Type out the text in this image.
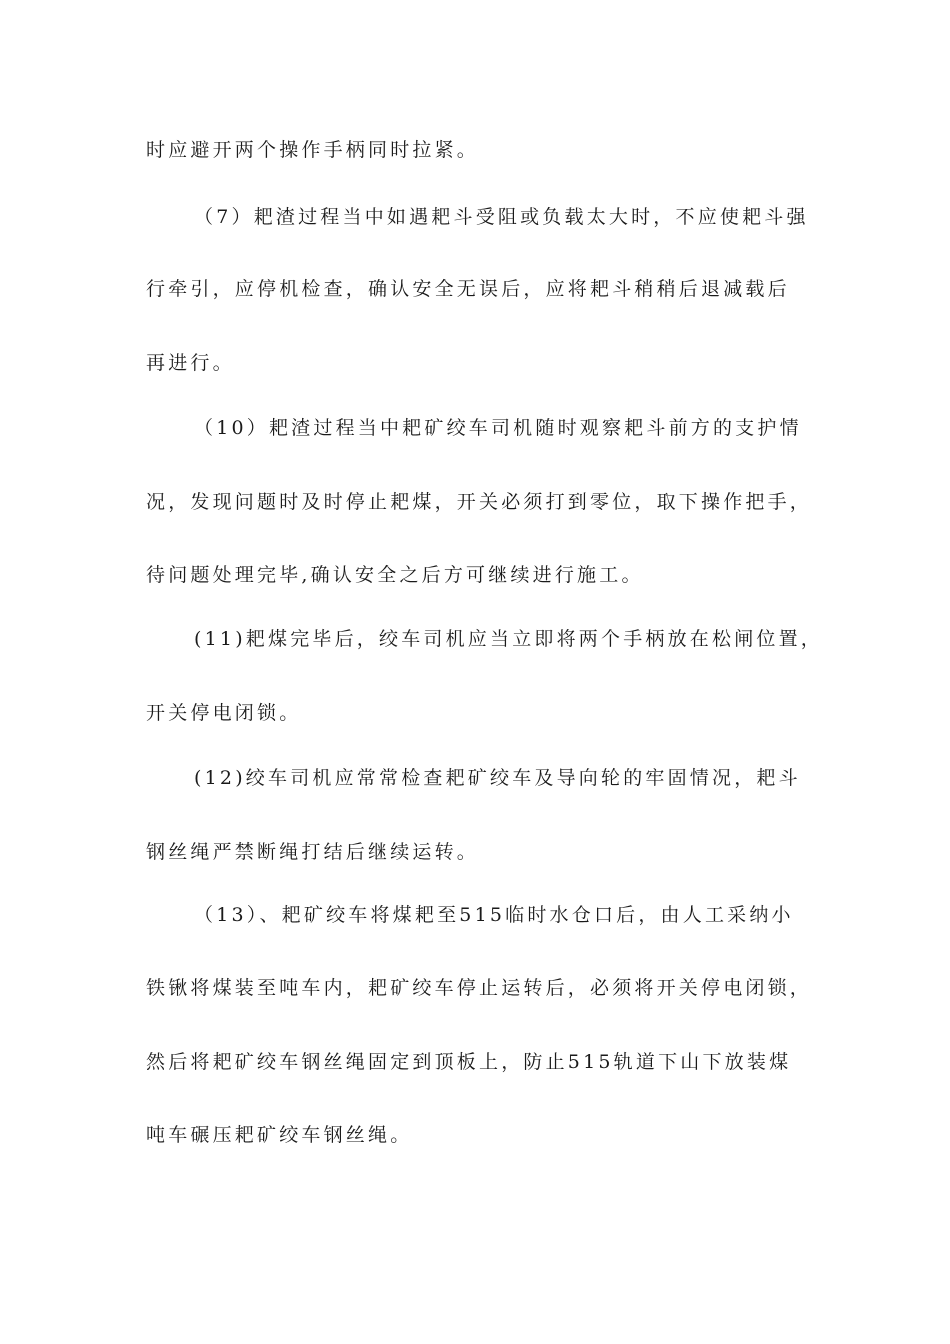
时应避开两个操作手柄同时拉紧。
（7）耙渣过程当中如遇耙斗受阻或负载太大时，不应使耙斗强
行牵引，应停机检查，确认安全无误后，应将耙斗稍稍后退减载后
再进行。
（10）耙渣过程当中耙矿绞车司机随时观察耙斗前方的支护情
况，发现问题时及时停止耙煤，开关必须打到零位，取下操作把手，
待问题处理完毕,确认安全之后方可继续进行施工。
(11)耙煤完毕后，绞车司机应当立即将两个手柄放在松闸位置，
开关停电闭锁。
(12)绞车司机应常常检查耙矿绞车及导向轮的牢固情况，耙斗
钢丝绳严禁断绳打结后继续运转。
（13）、耙矿绞车将煤耙至515临时水仓口后，由人工采纳小
铁锹将煤装至吨车内，耙矿绞车停止运转后，必须将开关停电闭锁，
然后将耙矿绞车钢丝绳固定到顶板上，防止515轨道下山下放装煤
吨车碾压耙矿绞车钢丝绳。
